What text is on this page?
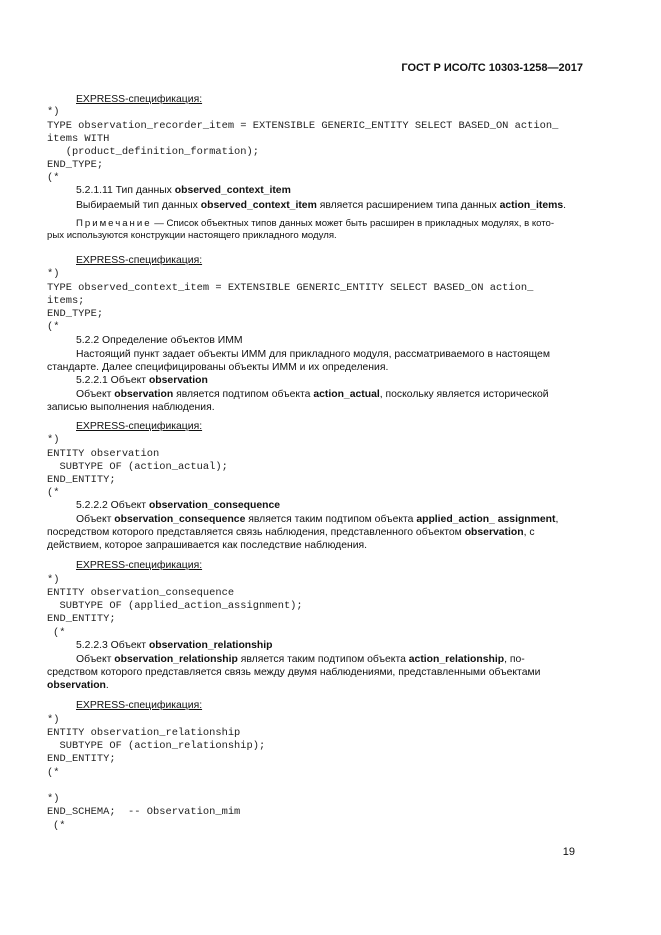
ГОСТ Р ИСО/ТС 10303-1258—2017
EXPRESS-спецификация:
*)
TYPE observation_recorder_item = EXTENSIBLE GENERIC_ENTITY SELECT BASED_ON action_
items WITH
(product_definition_formation);
END_TYPE;
(*
5.2.1.11 Тип данных observed_context_item
Выбираемый тип данных observed_context_item является расширением типа данных action_items.
Примечание — Список объектных типов данных может быть расширен в прикладных модулях, в кото-
рых используются конструкции настоящего прикладного модуля.
EXPRESS-спецификация:
*)
TYPE observed_context_item = EXTENSIBLE GENERIC_ENTITY SELECT BASED_ON action_
items;
END_TYPE;
(*
5.2.2 Определение объектов ИММ
Настоящий пункт задает объекты ИММ для прикладного модуля, рассматриваемого в настоящем
стандарте. Далее специфицированы объекты ИММ и их определения.
5.2.2.1 Объект observation
Объект observation является подтипом объекта action_actual, поскольку является исторической
записью выполнения наблюдения.
EXPRESS-спецификация:
*)
ENTITY observation
SUBTYPE OF (action_actual);
END_ENTITY;
(*
5.2.2.2 Объект observation_consequence
Объект observation_consequence является таким подтипом объекта applied_action_ assignment,
посредством которого представляется связь наблюдения, представленного объектом observation, с
действием, которое запрашивается как последствие наблюдения.
EXPRESS-спецификация:
*)
ENTITY observation_consequence
SUBTYPE OF (applied_action_assignment);
END_ENTITY;
(*
5.2.2.3 Объект observation_relationship
Объект observation_relationship является таким подтипом объекта action_relationship, по-
средством которого представляется связь между двумя наблюдениями, представленными объектами
observation.
EXPRESS-спецификация:
*)
ENTITY observation_relationship
SUBTYPE OF (action_relationship);
END_ENTITY;
(*
*)
END_SCHEMA;  -- Observation_mim
(*
19
